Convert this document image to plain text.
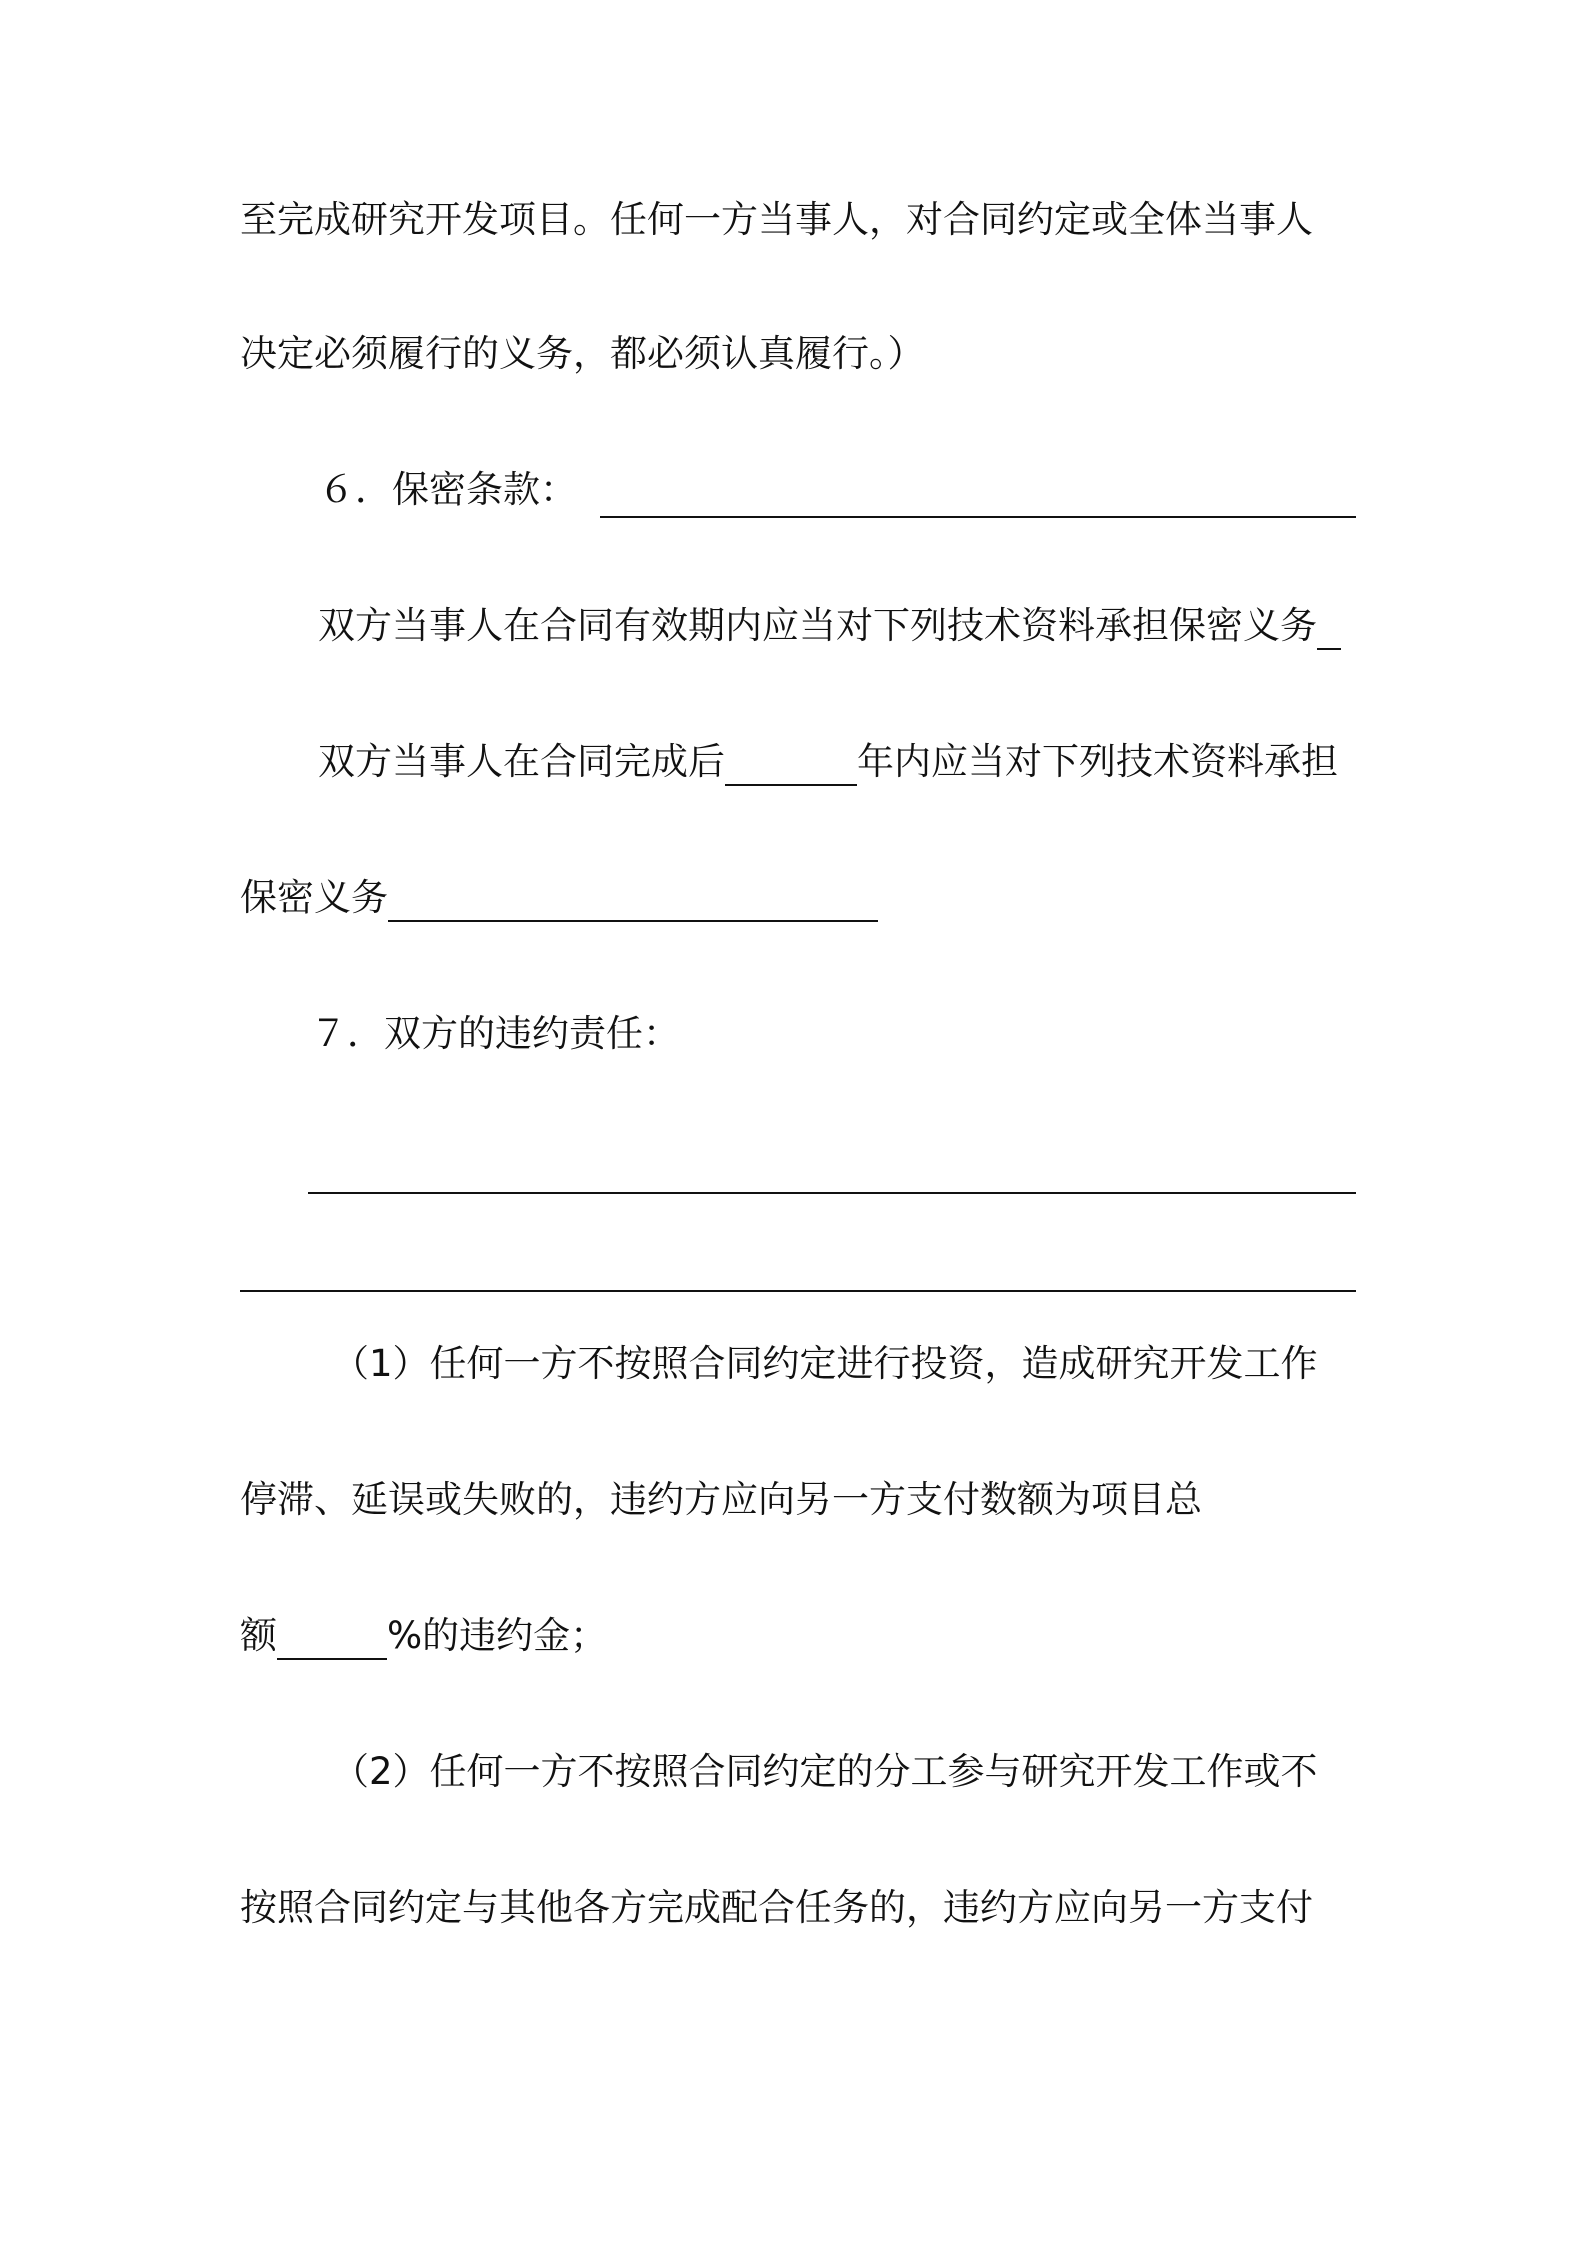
至完成研究开发项目。任何一方当事人，对合同约定或全体当事人
决定必须履行的义务，都必须认真履行。）
６．保密条款：
双方当事人在合同有效期内应当对下列技术资料承担保密义务
双方当事人在合同完成后	年内应当对下列技术资料承担
保密义务
７．双方的违约责任：
（1）任何一方不按照合同约定进行投资，造成研究开发工作
停滞、延误或失败的，违约方应向另一方支付数额为项目总
额	%的违约金；
（2）任何一方不按照合同约定的分工参与研究开发工作或不
按照合同约定与其他各方完成配合任务的，违约方应向另一方支付
